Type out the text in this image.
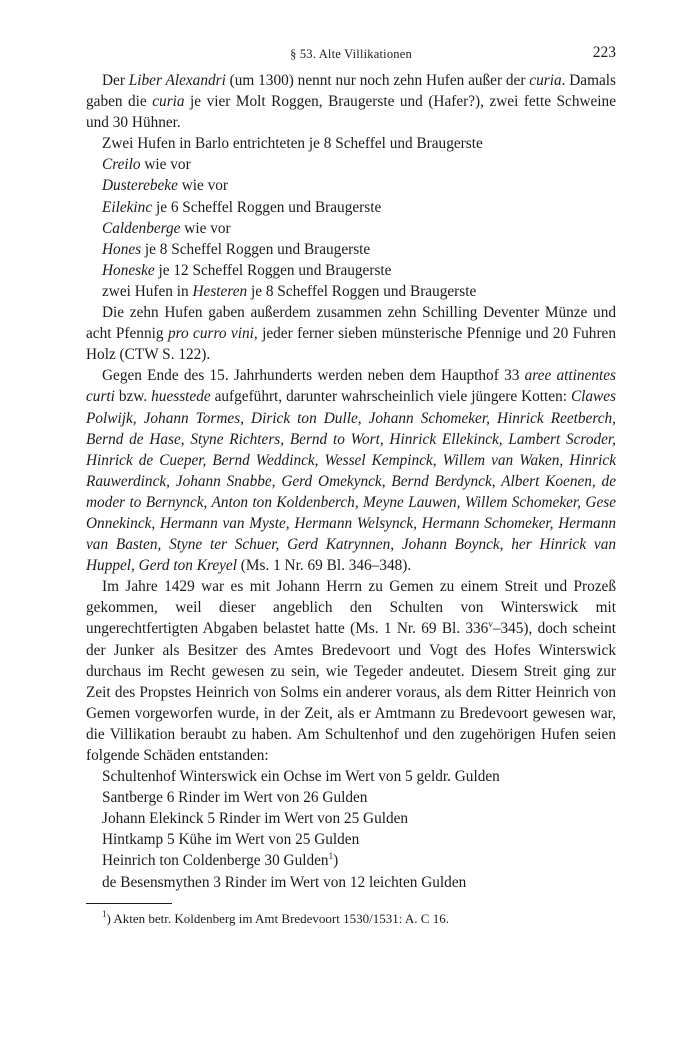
§ 53. Alte Villikationen	223

Der Liber Alexandri (um 1300) nennt nur noch zehn Hufen außer der curia. Damals gaben die curia je vier Molt Roggen, Braugerste und (Hafer?), zwei fette Schweine und 30 Hühner.

Zwei Hufen in Barlo entrichteten je 8 Scheffel und Braugerste

Creilo wie vor

Dusterebeke wie vor

Eilekinc je 6 Scheffel Roggen und Braugerste

Caldenberge wie vor

Hones je 8 Scheffel Roggen und Braugerste

Honeske je 12 Scheffel Roggen und Braugerste

zwei Hufen in Hesteren je 8 Scheffel Roggen und Braugerste

Die zehn Hufen gaben außerdem zusammen zehn Schilling Deventer Münze und acht Pfennig pro curro vini, jeder ferner sieben münsterische Pfennige und 20 Fuhren Holz (CTW S. 122).

Gegen Ende des 15. Jahrhunderts werden neben dem Haupthof 33 aree attinentes curti bzw. huesstede aufgeführt, darunter wahrscheinlich viele jüngere Kotten: Clawes Polwijk, Johann Tormes, Dirick ton Dulle, Johann Schomeker, Hinrick Reetberch, Bernd de Hase, Styne Richters, Bernd to Wort, Hinrick Ellekinck, Lambert Scroder, Hinrick de Cueper, Bernd Weddinck, Wessel Kempinck, Willem van Waken, Hinrick Rauwerdinck, Johann Snabbe, Gerd Omekynck, Bernd Berdynck, Albert Koenen, de moder to Bernynck, Anton ton Koldenberch, Meyne Lauwen, Willem Schomeker, Gese Onnekinck, Hermann van Myste, Hermann Welsynck, Hermann Schomeker, Hermann van Basten, Styne ter Schuer, Gerd Katrynnen, Johann Boynck, her Hinrick van Huppel, Gerd ton Kreyel (Ms. 1 Nr. 69 Bl. 346–348).

Im Jahre 1429 war es mit Johann Herrn zu Gemen zu einem Streit und Prozeß gekommen, weil dieser angeblich den Schulten von Winterswick mit ungerechtfertigten Abgaben belastet hatte (Ms. 1 Nr. 69 Bl. 336$^v$–345), doch scheint der Junker als Besitzer des Amtes Bredevoort und Vogt des Hofes Winterswick durchaus im Recht gewesen zu sein, wie Tegeder andeutet. Diesem Streit ging zur Zeit des Propstes Heinrich von Solms ein anderer voraus, als dem Ritter Heinrich von Gemen vorgeworfen wurde, in der Zeit, als er Amtmann zu Bredevoort gewesen war, die Villikation beraubt zu haben. Am Schultenhof und den zugehörigen Hufen seien folgende Schäden entstanden:

Schultenhof Winterswick ein Ochse im Wert von 5 geldr. Gulden

Santberge 6 Rinder im Wert von 26 Gulden

Johann Elekinck 5 Rinder im Wert von 25 Gulden

Hintkamp 5 Kühe im Wert von 25 Gulden

Heinrich ton Coldenberge 30 Gulden$^1$)

de Besensmythen 3 Rinder im Wert von 12 leichten Gulden

$^1$) Akten betr. Koldenberg im Amt Bredevoort 1530/1531: A. C 16.
